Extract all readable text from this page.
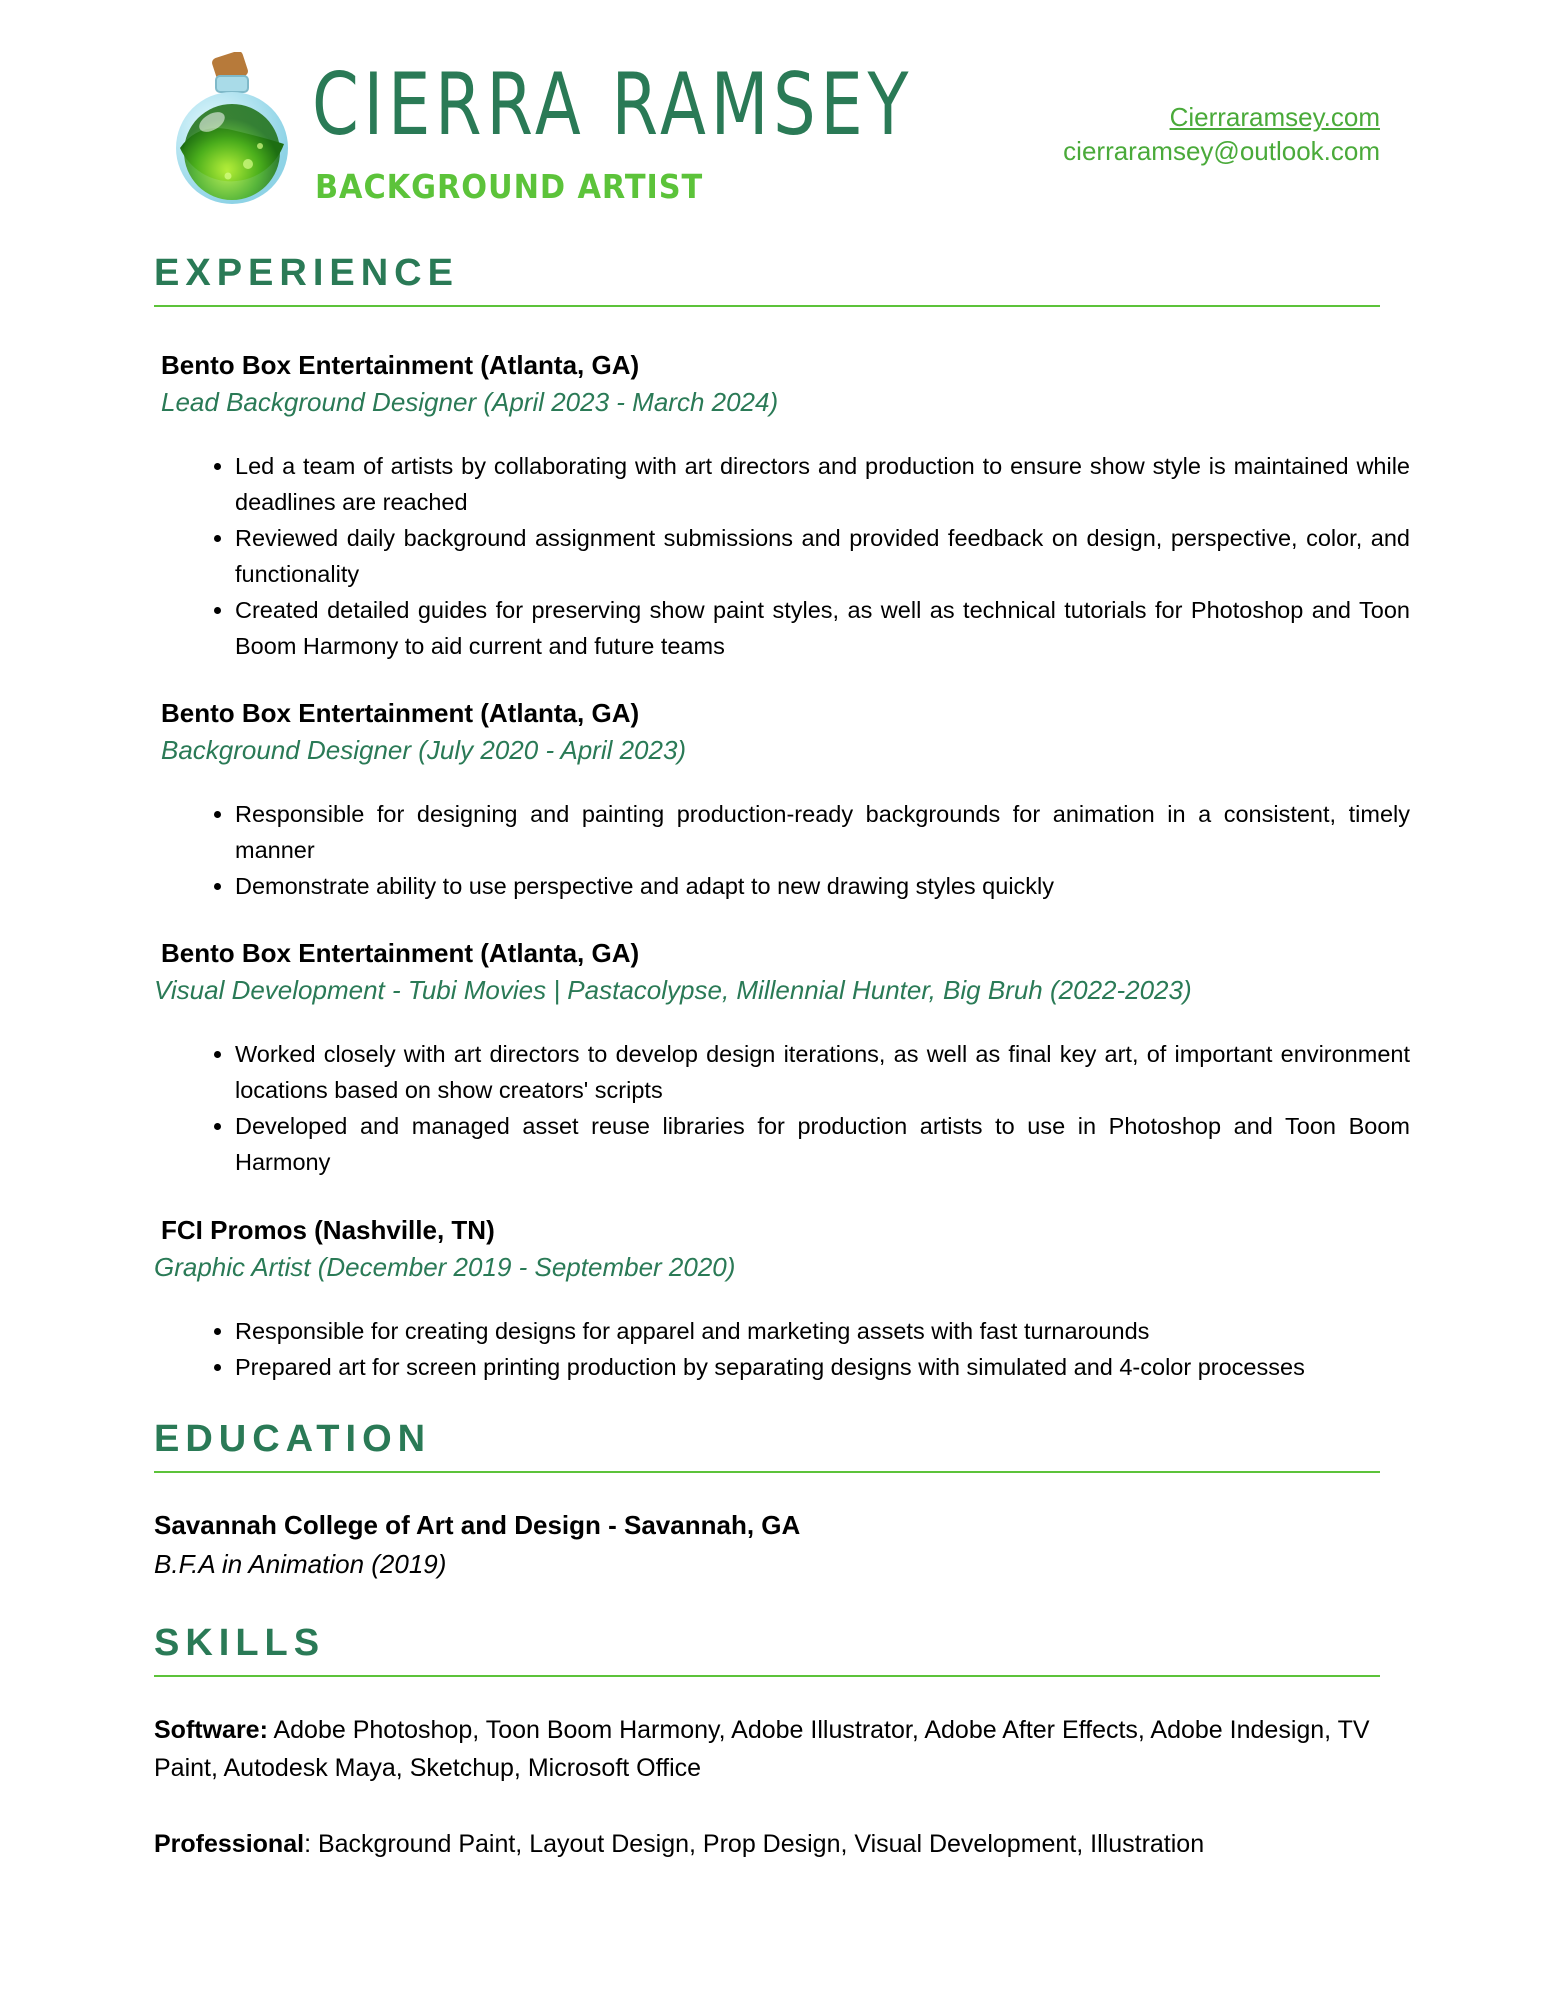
CIERRA RAMSEY
BACKGROUND ARTIST
Cierraramsey.com
cierraramsey@outlook.com
EXPERIENCE
Bento Box Entertainment (Atlanta, GA)
Lead Background Designer (April 2023 - March 2024)
• Led a team of artists by collaborating with art directors and production to ensure show style is maintained while deadlines are reached
• Reviewed daily background assignment submissions and provided feedback on design, perspective, color, and functionality
• Created detailed guides for preserving show paint styles, as well as technical tutorials for Photoshop and Toon Boom Harmony to aid current and future teams
Bento Box Entertainment (Atlanta, GA)
Background Designer (July 2020 - April 2023)
• Responsible for designing and painting production-ready backgrounds for animation in a consistent, timely manner
• Demonstrate ability to use perspective and adapt to new drawing styles quickly
Bento Box Entertainment (Atlanta, GA)
Visual Development - Tubi Movies | Pastacolypse, Millennial Hunter, Big Bruh (2022-2023)
• Worked closely with art directors to develop design iterations, as well as final key art, of important environment locations based on show creators' scripts
• Developed and managed asset reuse libraries for production artists to use in Photoshop and Toon Boom Harmony
FCI Promos (Nashville, TN)
Graphic Artist (December 2019 - September 2020)
• Responsible for creating designs for apparel and marketing assets with fast turnarounds
• Prepared art for screen printing production by separating designs with simulated and 4-color processes
EDUCATION
Savannah College of Art and Design - Savannah, GA
B.F.A in Animation (2019)
SKILLS
Software: Adobe Photoshop, Toon Boom Harmony, Adobe Illustrator, Adobe After Effects, Adobe Indesign, TV Paint, Autodesk Maya, Sketchup, Microsoft Office
Professional: Background Paint, Layout Design, Prop Design, Visual Development, Illustration
